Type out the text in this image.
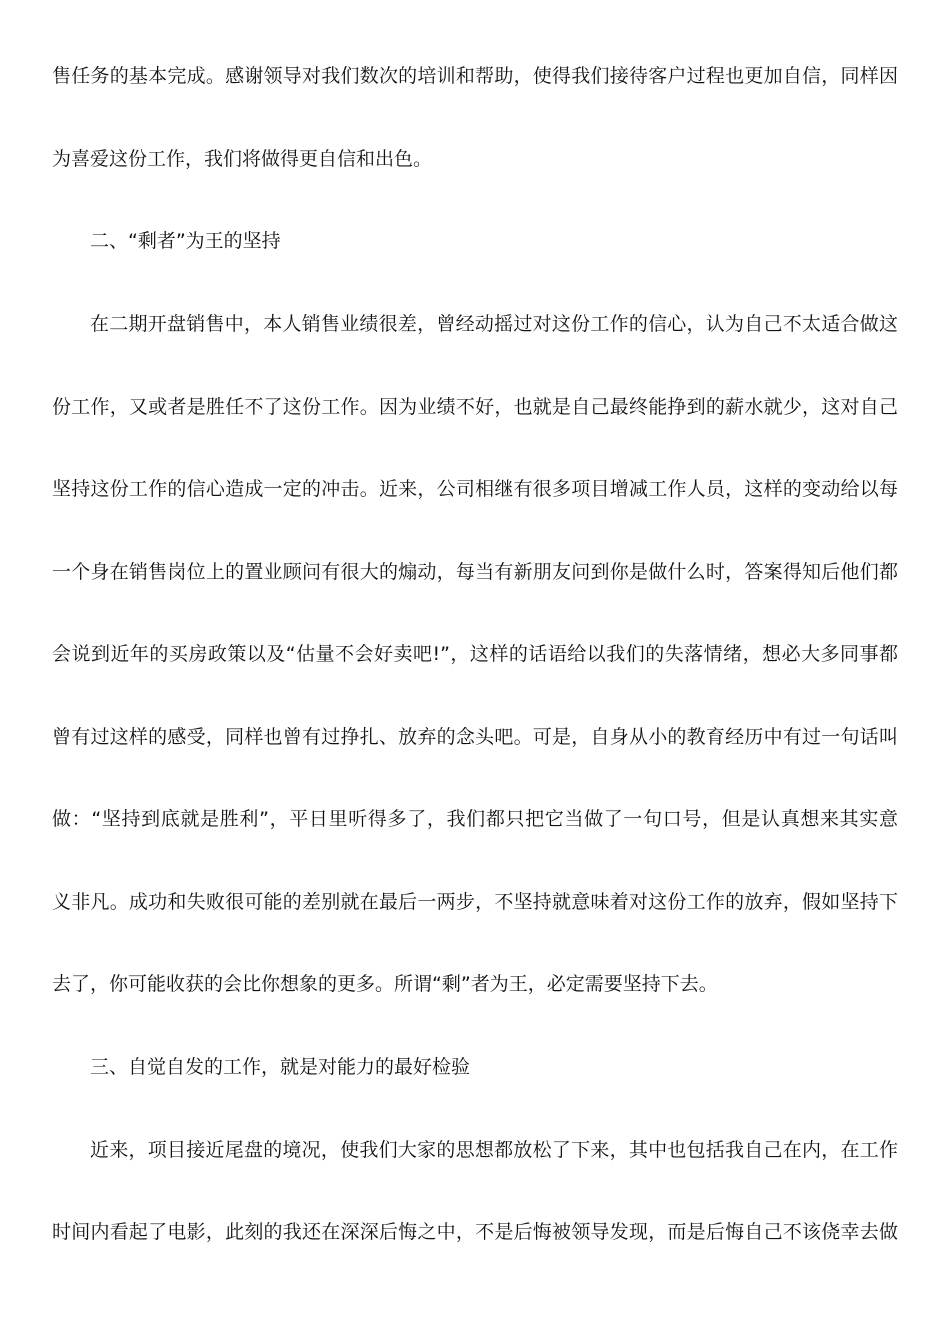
售任务的基本完成。感谢领导对我们数次的培训和帮助，使得我们接待客户过程也更加自信，同样因
为喜爱这份工作，我们将做得更自信和出色。
二、“剩者”为王的坚持
在二期开盘销售中，本人销售业绩很差，曾经动摇过对这份工作的信心，认为自己不太适合做这
份工作，又或者是胜任不了这份工作。因为业绩不好，也就是自己最终能挣到的薪水就少，这对自己
坚持这份工作的信心造成一定的冲击。近来，公司相继有很多项目增减工作人员，这样的变动给以每
一个身在销售岗位上的置业顾问有很大的煽动，每当有新朋友问到你是做什么时，答案得知后他们都
会说到近年的买房政策以及“估量不会好卖吧!”，这样的话语给以我们的失落情绪，想必大多同事都
曾有过这样的感受，同样也曾有过挣扎、放弃的念头吧。可是，自身从小的教育经历中有过一句话叫
做：“坚持到底就是胜利”，平日里听得多了，我们都只把它当做了一句口号，但是认真想来其实意
义非凡。成功和失败很可能的差别就在最后一两步，不坚持就意味着对这份工作的放弃，假如坚持下
去了，你可能收获的会比你想象的更多。所谓“剩”者为王，必定需要坚持下去。
三、自觉自发的工作，就是对能力的最好检验
近来，项目接近尾盘的境况，使我们大家的思想都放松了下来，其中也包括我自己在内，在工作
时间内看起了电影，此刻的我还在深深后悔之中，不是后悔被领导发现，而是后悔自己不该侥幸去做
